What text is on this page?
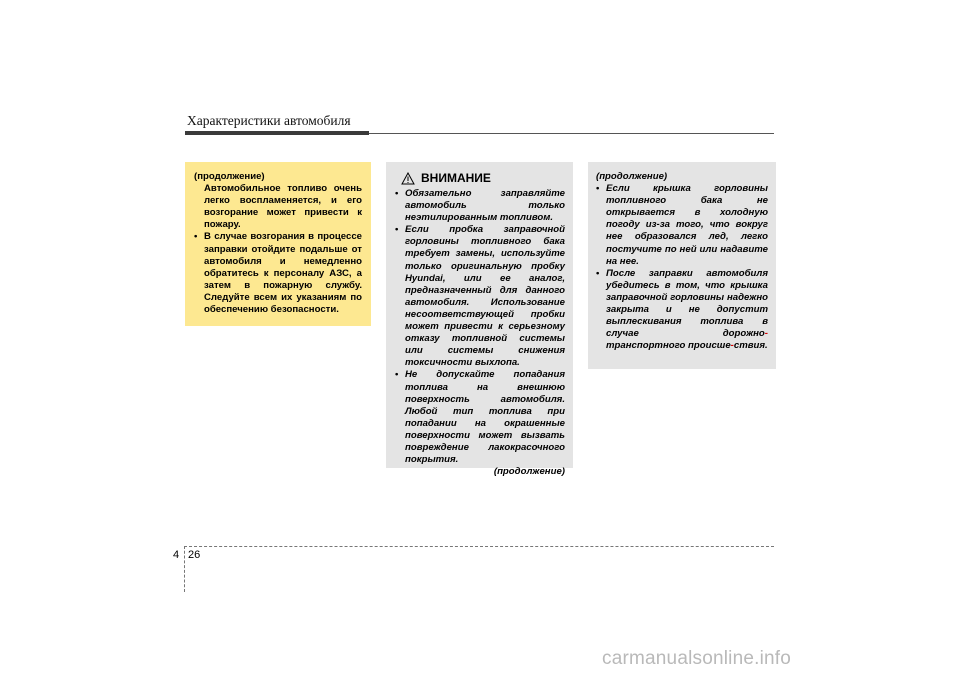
Характеристики автомобиля

(продолжение)

Автомобильное топливо очень легко воспламеняется, и его возгорание может привести к пожару.

• В случае возгорания в процессе заправки отойдите подальше от автомобиля и немедленно обратитесь к персоналу АЗС, а затем в пожарную службу. Следуйте всем их указаниям по обеспечению безопасности.
ВНИМАНИЕ
• Обязательно заправляйте автомобиль только неэтилированным топливом.
• Если пробка заправочной горловины топливного бака требует замены, используйте только оригинальную пробку Hyundai, или ее аналог, предназначенный для данного автомобиля. Использование несоответствующей пробки может привести к серьезному отказу топливной системы или системы снижения токсичности выхлопа.
• Не допускайте попадания топлива на внешнюю поверхность автомобиля. Любой тип топлива при попадании на окрашенные поверхности может вызвать повреждение лакокрасочного покрытия.

(продолжение)

(продолжение)

• Если крышка горловины топливного бака не открывается в холодную погоду из-за того, что вокруг нее образовался лед, легко постучите по ней или надавите на нее.
• После заправки автомобиля убедитесь в том, что крышка заправочной горловины надежно закрыта и не допустит выплескивания топлива в случае дорожно- транспортного происше-ствия.
4 26
carmanualsonline.info
